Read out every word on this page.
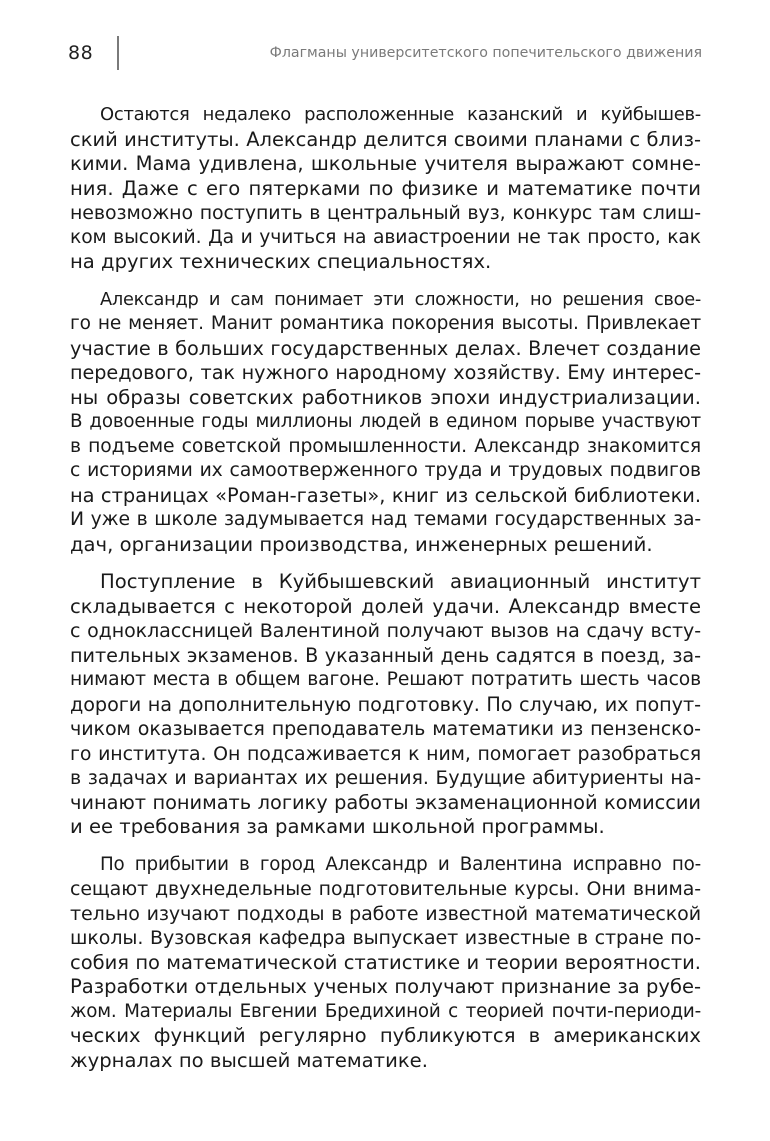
88	Флагманы университетского попечительского движения
Остаются недалеко расположенные казанский и куйбышев-
ский институты. Александр делится своими планами с близ-
кими. Мама удивлена, школьные учителя выражают сомне-
ния. Даже с его пятерками по физике и математике почти
невозможно поступить в центральный вуз, конкурс там слиш-
ком высокий. Да и учиться на авиастроении не так просто, как
на других технических специальностях.
Александр и сам понимает эти сложности, но решения свое-
го не меняет. Манит романтика покорения высоты. Привлекает
участие в больших государственных делах. Влечет создание
передового, так нужного народному хозяйству. Ему интерес-
ны образы советских работников эпохи индустриализации.
В довоенные годы миллионы людей в едином порыве участвуют
в подъеме советской промышленности. Александр знакомится
с историями их самоотверженного труда и трудовых подвигов
на страницах «Роман-газеты», книг из сельской библиотеки.
И уже в школе задумывается над темами государственных за-
дач, организации производства, инженерных решений.
Поступление в Куйбышевский авиационный институт
складывается с некоторой долей удачи. Александр вместе
с одноклассницей Валентиной получают вызов на сдачу всту-
пительных экзаменов. В указанный день садятся в поезд, за-
нимают места в общем вагоне. Решают потратить шесть часов
дороги на дополнительную подготовку. По случаю, их попут-
чиком оказывается преподаватель математики из пензенско-
го института. Он подсаживается к ним, помогает разобраться
в задачах и вариантах их решения. Будущие абитуриенты на-
чинают понимать логику работы экзаменационной комиссии
и ее требования за рамками школьной программы.
По прибытии в город Александр и Валентина исправно по-
сещают двухнедельные подготовительные курсы. Они внима-
тельно изучают подходы в работе известной математической
школы. Вузовская кафедра выпускает известные в стране по-
собия по математической статистике и теории вероятности.
Разработки отдельных ученых получают признание за рубе-
жом. Материалы Евгении Бредихиной с теорией почти-периоди-
ческих функций регулярно публикуются в американских
журналах по высшей математике.
